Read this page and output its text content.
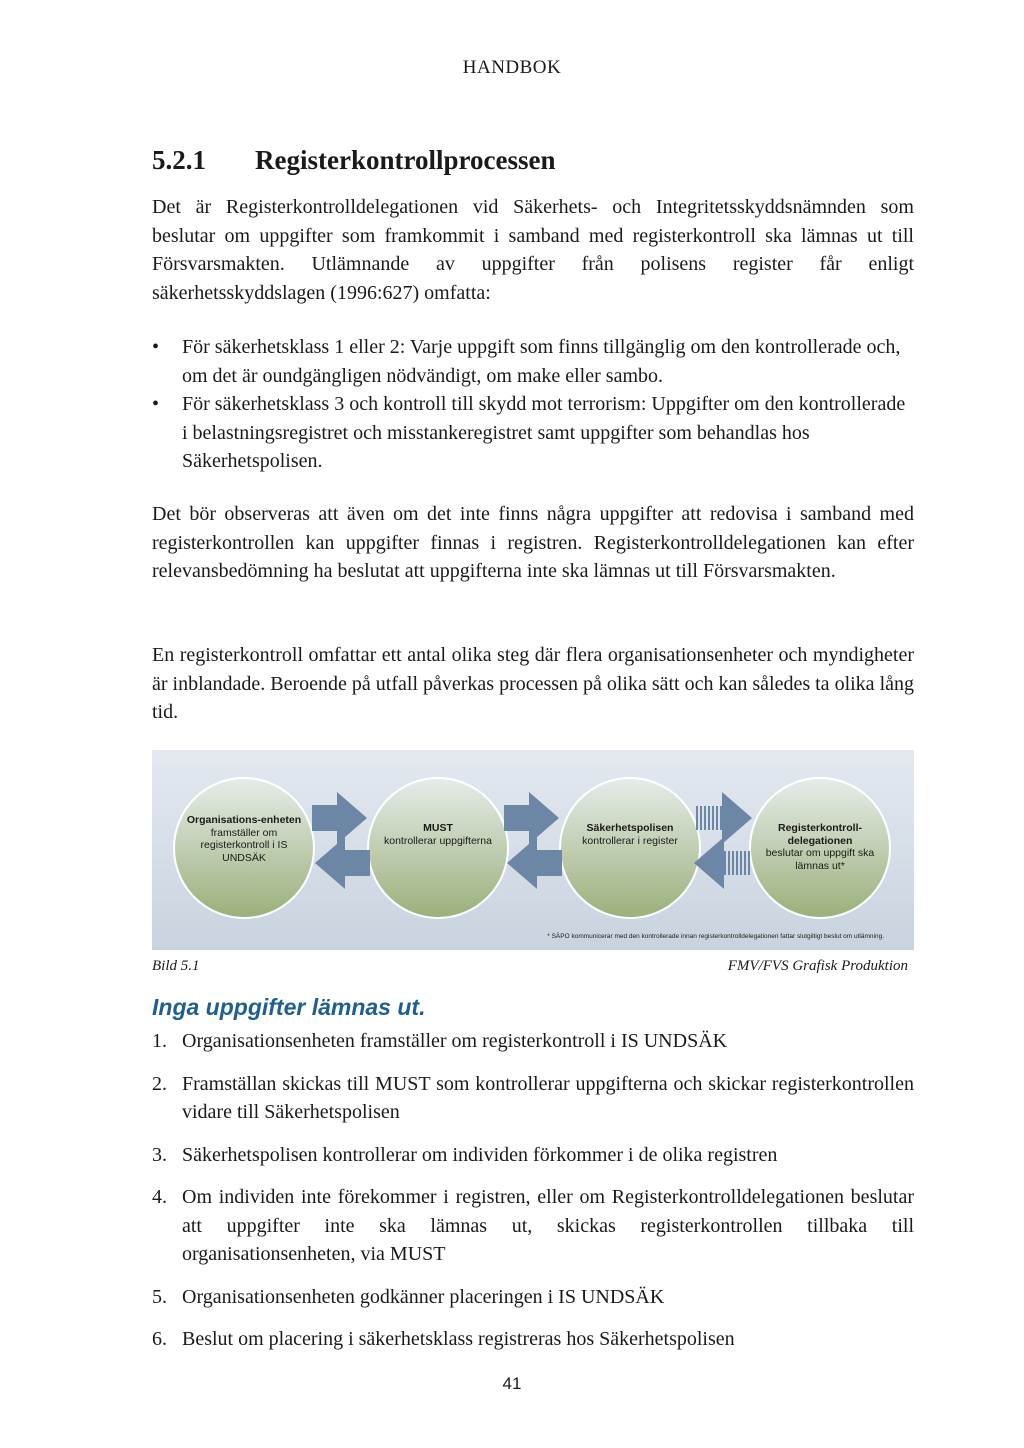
HANDBOK
5.2.1 Registerkontrollprocessen

Det är Registerkontrolldelegationen vid Säkerhets- och Integritetsskyddsnämnden som beslutar om uppgifter som framkommit i samband med registerkontroll ska lämnas ut till Försvarsmakten. Utlämnande av uppgifter från polisens register får enligt säkerhetsskyddslagen (1996:627) omfatta:

• För säkerhetsklass 1 eller 2: Varje uppgift som finns tillgänglig om den kontrollerade och, om det är oundgängligen nödvändigt, om make eller sambo.
• För säkerhetsklass 3 och kontroll till skydd mot terrorism: Uppgifter om den kontrollerade i belastningsregistret och misstankeregistret samt uppgifter som behandlas hos Säkerhetspolisen.

Det bör observeras att även om det inte finns några uppgifter att redovisa i samband med registerkontrollen kan uppgifter finnas i registren. Registerkontrolldelegationen kan efter relevansbedömning ha beslutat att uppgifterna inte ska lämnas ut till Försvarsmakten.

En registerkontroll omfattar ett antal olika steg där flera organisationsenheter och myndigheter är inblandade. Beroende på utfall påverkas processen på olika sätt och kan således ta olika lång tid.

Organisations-enheten
framställer om registerkontroll i IS UNDSÄK
MUST
kontrollerar uppgifterna
Säkerhetspolisen
kontrollerar i register
Registerkontroll-delegationen
beslutar om uppgift ska lämnas ut*
* SÄPO kommunicerar med den kontrollerade innan registerkontrolldelegationen fattar slutgiltigt beslut om utlämning.
Bild 5.1	FMV/FVS Grafisk Produktion
Inga uppgifter lämnas ut.
1. Organisationsenheten framställer om registerkontroll i IS UNDSÄK
2. Framställan skickas till MUST som kontrollerar uppgifterna och skickar registerkontrollen vidare till Säkerhetspolisen
3. Säkerhetspolisen kontrollerar om individen förkommer i de olika registren
4. Om individen inte förekommer i registren, eller om Registerkontrolldelegationen beslutar att uppgifter inte ska lämnas ut, skickas registerkontrollen tillbaka till organisationsenheten, via MUST
5. Organisationsenheten godkänner placeringen i IS UNDSÄK
6. Beslut om placering i säkerhetsklass registreras hos Säkerhetspolisen
41
